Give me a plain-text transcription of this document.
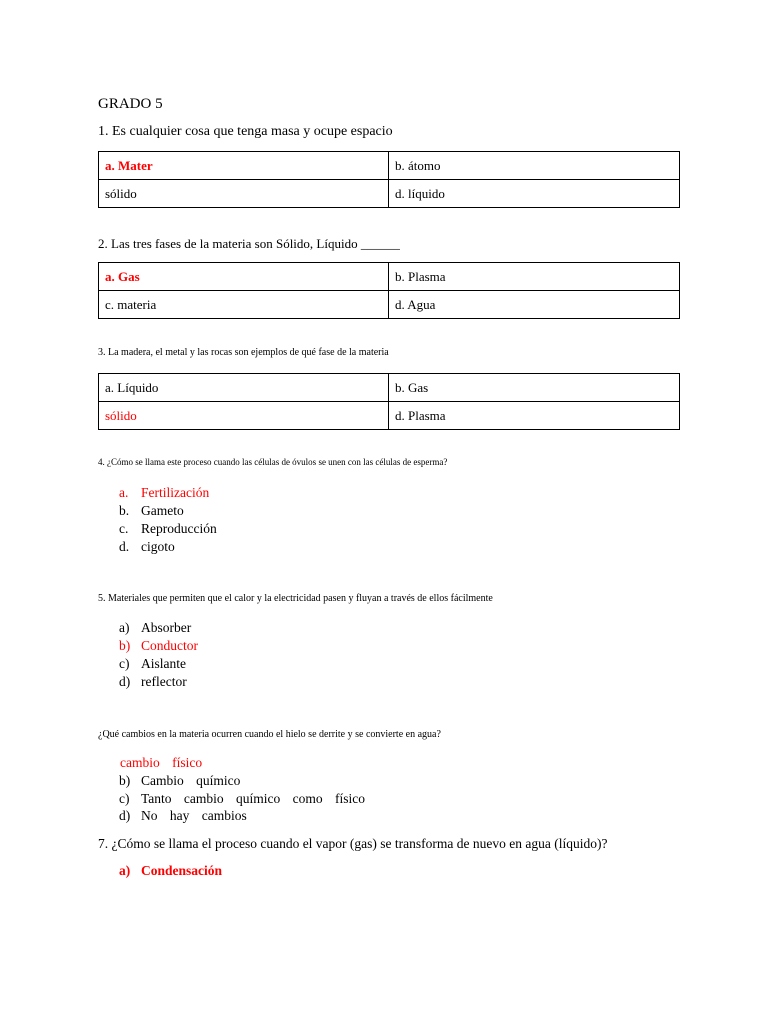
GRADO 5
1. Es cualquier cosa que tenga masa y ocupe espacio
a. Mater	b. átomo
sólido	d. líquido
2. Las tres fases de la materia son Sólido, Líquido ______
a. Gas	b. Plasma
c. materia	d. Agua
3. La madera, el metal y las rocas son ejemplos de qué fase de la materia
a. Líquido	b. Gas
sólido	d. Plasma
4. ¿Cómo se llama este proceso cuando las células de óvulos se unen con las células de esperma?
a. Fertilización
b. Gameto
c. Reproducción
d. cigoto
5. Materiales que permiten que el calor y la electricidad pasen y fluyan a través de ellos fácilmente
a) Absorber
b) Conductor
c) Aislante
d) reflector
¿Qué cambios en la materia ocurren cuando el hielo se derrite y se convierte en agua?
cambio físico
b) Cambio químico
c) Tanto cambio químico como físico
d) No hay cambios
7. ¿Cómo se llama el proceso cuando el vapor (gas) se transforma de nuevo en agua (líquido)?
a) Condensación
